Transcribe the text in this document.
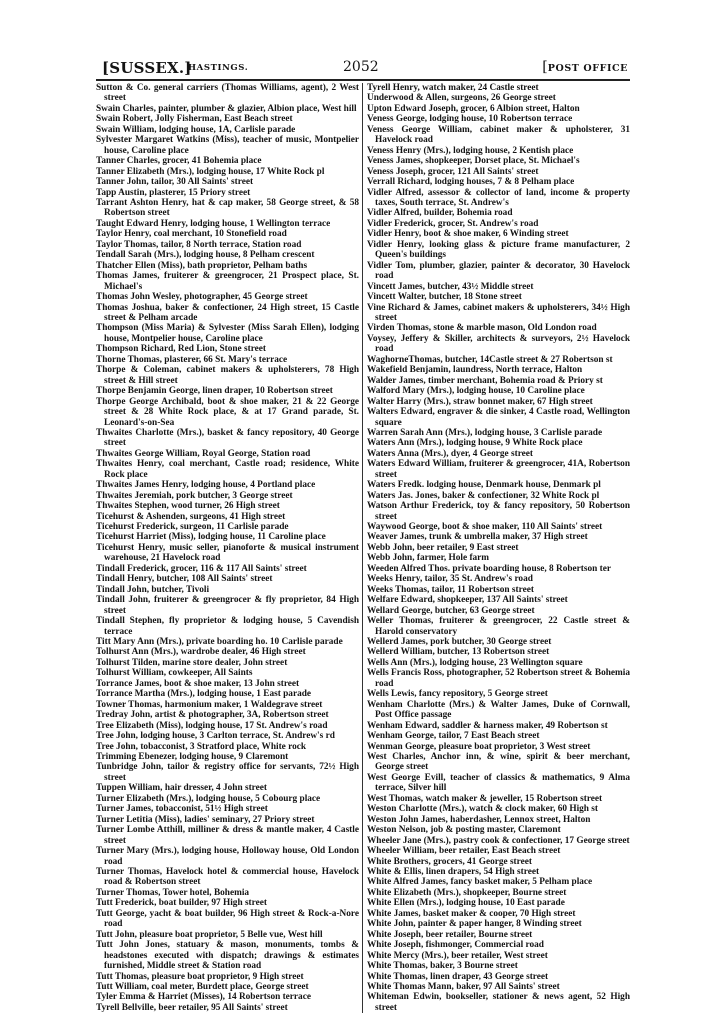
[SUSSEX.]
HASTINGS.	2052	[POST OFFICE
Sutton & Co. general carriers (Thomas Williams, agent), 2 West street
Swain Charles, painter, plumber & glazier, Albion place, West hill
Swain Robert, Jolly Fisherman, East Beach street
Swain William, lodging house, 1A, Carlisle parade
Sylvester Margaret Watkins (Miss), teacher of music, Montpelier house, Caroline place
Tanner Charles, grocer, 41 Bohemia place
Tanner Elizabeth (Mrs.), lodging house, 17 White Rock pl
Tanner John, tailor, 30 All Saints' street
Tapp Austin, plasterer, 15 Priory street
Tarrant Ashton Henry, hat & cap maker, 58 George street, & 58 Robertson street
Taught Edward Henry, lodging house, 1 Wellington terrace
Taylor Henry, coal merchant, 10 Stonefield road
Taylor Thomas, tailor, 8 North terrace, Station road
Tendall Sarah (Mrs.), lodging house, 8 Pelham crescent
Thatcher Ellen (Miss), bath proprietor, Pelham baths
Thomas James, fruiterer & greengrocer, 21 Prospect place, St. Michael's
Thomas John Wesley, photographer, 45 George street
Thomas Joshua, baker & confectioner, 24 High street, 15 Castle street & Pelham arcade
Thompson (Miss Maria) & Sylvester (Miss Sarah Ellen), lodging house, Montpelier house, Caroline place
Thompson Richard, Red Lion, Stone street
Thorne Thomas, plasterer, 66 St. Mary's terrace
Thorpe & Coleman, cabinet makers & upholsterers, 78 High street & Hill street
Thorpe Benjamin George, linen draper, 10 Robertson street
Thorpe George Archibald, boot & shoe maker, 21 & 22 George street & 28 White Rock place, & at 17 Grand parade, St. Leonard's-on-Sea
Thwaites Charlotte (Mrs.), basket & fancy repository, 40 George street
Thwaites George William, Royal George, Station road
Thwaites Henry, coal merchant, Castle road; residence, White Rock place
Thwaites James Henry, lodging house, 4 Portland place
Thwaites Jeremiah, pork butcher, 3 George street
Thwaites Stephen, wood turner, 26 High street
Ticehurst & Ashenden, surgeons, 41 High street
Ticehurst Frederick, surgeon, 11 Carlisle parade
Ticehurst Harriet (Miss), lodging house, 11 Caroline place
Ticehurst Henry, music seller, pianoforte & musical instrument warehouse, 21 Havelock road
Tindall Frederick, grocer, 116 & 117 All Saints' street
Tindall Henry, butcher, 108 All Saints' street
Tindall John, butcher, Tivoli
Tindall John, fruiterer & greengrocer & fly proprietor, 84 High street
Tindall Stephen, fly proprietor & lodging house, 5 Cavendish terrace
Titt Mary Ann (Mrs.), private boarding ho. 10 Carlisle parade
Tolhurst Ann (Mrs.), wardrobe dealer, 46 High street
Tolhurst Tilden, marine store dealer, John street
Tolhurst William, cowkeeper, All Saints
Torrance James, boot & shoe maker, 13 John street
Torrance Martha (Mrs.), lodging house, 1 East parade
Towner Thomas, harmonium maker, 1 Waldegrave street
Tredray John, artist & photographer, 3A, Robertson street
Tree Elizabeth (Miss), lodging house, 17 St. Andrew's road
Tree John, lodging house, 3 Carlton terrace, St. Andrew's rd
Tree John, tobacconist, 3 Stratford place, White rock
Trimming Ebenezer, lodging house, 9 Claremont
Tunbridge John, tailor & registry office for servants, 72½ High street
Tuppen William, hair dresser, 4 John street
Turner Elizabeth (Mrs.), lodging house, 5 Cobourg place
Turner James, tobacconist, 51½ High street
Turner Letitia (Miss), ladies' seminary, 27 Priory street
Turner Lombe Atthill, milliner & dress & mantle maker, 4 Castle street
Turner Mary (Mrs.), lodging house, Holloway house, Old London road
Turner Thomas, Havelock hotel & commercial house, Havelock road & Robertson street
Turner Thomas, Tower hotel, Bohemia
Tutt Frederick, boat builder, 97 High street
Tutt George, yacht & boat builder, 96 High street & Rock-a-Nore road
Tutt John, pleasure boat proprietor, 5 Belle vue, West hill
Tutt John Jones, statuary & mason, monuments, tombs & headstones executed with dispatch; drawings & estimates furnished, Middle street & Station road
Tutt Thomas, pleasure boat proprietor, 9 High street
Tutt William, coal meter, Burdett place, George street
Tyler Emma & Harriet (Misses), 14 Robertson terrace
Tyrell Bellville, beer retailer, 95 All Saints' street
Tyrell Henry, watch maker, 24 Castle street
Underwood & Allen, surgeons, 26 George street
Upton Edward Joseph, grocer, 6 Albion street, Halton
Veness George, lodging house, 10 Robertson terrace
Veness George William, cabinet maker & upholsterer, 31 Havelock road
Veness Henry (Mrs.), lodging house, 2 Kentish place
Veness James, shopkeeper, Dorset place, St. Michael's
Veness Joseph, grocer, 121 All Saints' street
Verrall Richard, lodging houses, 7 & 8 Pelham place
Vidler Alfred, assessor & collector of land, income & property taxes, South terrace, St. Andrew's
Vidler Alfred, builder, Bohemia road
Vidler Frederick, grocer, St. Andrew's road
Vidler Henry, boot & shoe maker, 6 Winding street
Vidler Henry, looking glass & picture frame manufacturer, 2 Queen's buildings
Vidler Tom, plumber, glazier, painter & decorator, 30 Havelock road
Vincett James, butcher, 43½ Middle street
Vincett Walter, butcher, 18 Stone street
Vine Richard & James, cabinet makers & upholsterers, 34½ High street
Virden Thomas, stone & marble mason, Old London road
Voysey, Jeffery & Skiller, architects & surveyors, 2½ Havelock road
WaghorneThomas, butcher, 14Castle street & 27 Robertson st
Wakefield Benjamin, laundress, North terrace, Halton
Walder James, timber merchant, Bohemia road & Priory st
Walford Mary (Mrs.), lodging house, 10 Caroline place
Walter Harry (Mrs.), straw bonnet maker, 67 High street
Walters Edward, engraver & die sinker, 4 Castle road, Wellington square
Warren Sarah Ann (Mrs.), lodging house, 3 Carlisle parade
Waters Ann (Mrs.), lodging house, 9 White Rock place
Waters Anna (Mrs.), dyer, 4 George street
Waters Edward William, fruiterer & greengrocer, 41A, Robertson street
Waters Fredk. lodging house, Denmark house, Denmark pl
Waters Jas. Jones, baker & confectioner, 32 White Rock pl
Watson Arthur Frederick, toy & fancy repository, 50 Robertson street
Waywood George, boot & shoe maker, 110 All Saints' street
Weaver James, trunk & umbrella maker, 37 High street
Webb John, beer retailer, 9 East street
Webb John, farmer, Hole farm
Weeden Alfred Thos. private boarding house, 8 Robertson ter
Weeks Henry, tailor, 35 St. Andrew's road
Weeks Thomas, tailor, 11 Robertson street
Welfare Edward, shopkeeper, 137 All Saints' street
Wellard George, butcher, 63 George street
Weller Thomas, fruiterer & greengrocer, 22 Castle street & Harold conservatory
Wellerd James, pork butcher, 30 George street
Wellerd William, butcher, 13 Robertson street
Wells Ann (Mrs.), lodging house, 23 Wellington square
Wells Francis Ross, photographer, 52 Robertson street & Bohemia road
Wells Lewis, fancy repository, 5 George street
Wenham Charlotte (Mrs.) & Walter James, Duke of Cornwall, Post Office passage
Wenham Edward, saddler & harness maker, 49 Robertson st
Wenham George, tailor, 7 East Beach street
Wenman George, pleasure boat proprietor, 3 West street
West Charles, Anchor inn, & wine, spirit & beer merchant, George street
West George Evill, teacher of classics & mathematics, 9 Alma terrace, Silver hill
West Thomas, watch maker & jeweller, 15 Robertson street
Weston Charlotte (Mrs.), watch & clock maker, 60 High st
Weston John James, haberdasher, Lennox street, Halton
Weston Nelson, job & posting master, Claremont
Wheeler Jane (Mrs.), pastry cook & confectioner, 17 George street
Wheeler William, beer retailer, East Beach street
White Brothers, grocers, 41 George street
White & Ellis, linen drapers, 54 High street
White Alfred James, fancy basket maker, 5 Pelham place
White Elizabeth (Mrs.), shopkeeper, Bourne street
White Ellen (Mrs.), lodging house, 10 East parade
White James, basket maker & cooper, 70 High street
White John, painter & paper hanger, 8 Winding street
White Joseph, beer retailer, Bourne street
White Joseph, fishmonger, Commercial road
White Mercy (Mrs.), beer retailer, West street
White Thomas, baker, 3 Bourne street
White Thomas, linen draper, 43 George street
White Thomas Mann, baker, 97 All Saints' street
Whiteman Edwin, bookseller, stationer & news agent, 52 High street
